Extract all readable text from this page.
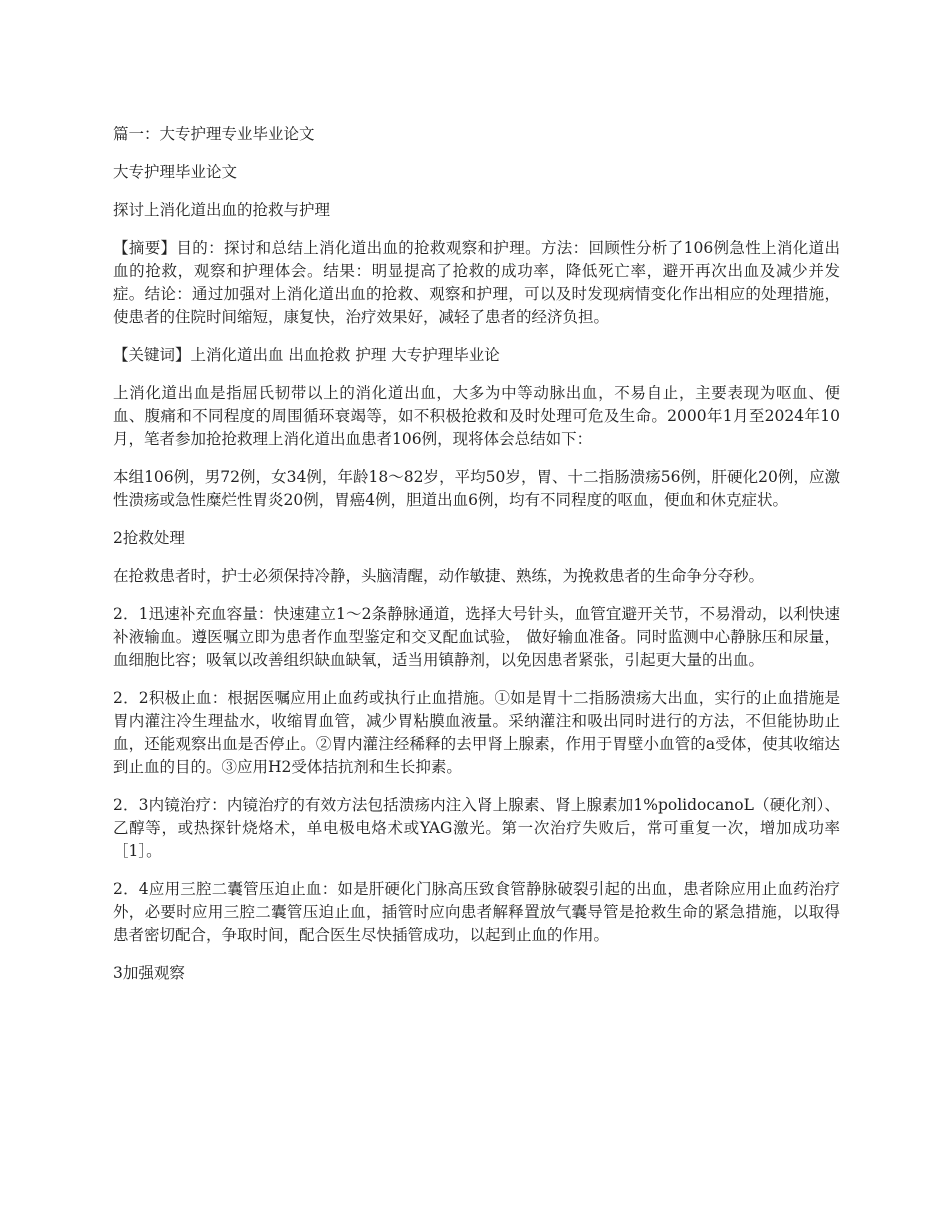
篇一：大专护理专业毕业论文

大专护理毕业论文

探讨上消化道出血的抢救与护理

【摘要】目的：探讨和总结上消化道出血的抢救观察和护理。方法：回顾性分析了106例急性上消化道出血的抢救，观察和护理体会。结果：明显提高了抢救的成功率，降低死亡率，避开再次出血及减少并发症。结论：通过加强对上消化道出血的抢救、观察和护理，可以及时发现病情变化作出相应的处理措施，使患者的住院时间缩短，康复快，治疗效果好，减轻了患者的经济负担。

【关键词】上消化道出血 出血抢救 护理 大专护理毕业论

上消化道出血是指屈氏韧带以上的消化道出血，大多为中等动脉出血，不易自止，主要表现为呕血、便血、腹痛和不同程度的周围循环衰竭等，如不积极抢救和及时处理可危及生命。2000年1月至2024年10月，笔者参加抢抢救理上消化道出血患者106例，现将体会总结如下：

本组106例，男72例，女34例，年龄18～82岁，平均50岁，胃、十二指肠溃疡56例，肝硬化20例，应激性溃疡或急性糜烂性胃炎20例，胃癌4例，胆道出血6例，均有不同程度的呕血，便血和休克症状。

2抢救处理

在抢救患者时，护士必须保持冷静，头脑清醒，动作敏捷、熟练，为挽救患者的生命争分夺秒。

2．1迅速补充血容量：快速建立1～2条静脉通道，选择大号针头，血管宜避开关节，不易滑动，以利快速补液输血。遵医嘱立即为患者作血型鉴定和交叉配血试验， 做好输血准备。同时监测中心静脉压和尿量，血细胞比容；吸氧以改善组织缺血缺氧，适当用镇静剂，以免因患者紧张，引起更大量的出血。

2．2积极止血：根据医嘱应用止血药或执行止血措施。①如是胃十二指肠溃疡大出血，实行的止血措施是胃内灌注冷生理盐水，收缩胃血管，减少胃粘膜血液量。采纳灌注和吸出同时进行的方法，不但能协助止血，还能观察出血是否停止。②胃内灌注经稀释的去甲肾上腺素，作用于胃壁小血管的a受体，使其收缩达到止血的目的。③应用H2受体拮抗剂和生长抑素。

2．3内镜治疗：内镜治疗的有效方法包括溃疡内注入肾上腺素、肾上腺素加1%polidocanoL（硬化剂）、乙醇等，或热探针烧烙术，单电极电烙术或YAG激光。第一次治疗失败后，常可重复一次，增加成功率［1］。

2．4应用三腔二囊管压迫止血：如是肝硬化门脉高压致食管静脉破裂引起的出血，患者除应用止血药治疗外，必要时应用三腔二囊管压迫止血，插管时应向患者解释置放气囊导管是抢救生命的紧急措施，以取得患者密切配合，争取时间，配合医生尽快插管成功，以起到止血的作用。

3加强观察
